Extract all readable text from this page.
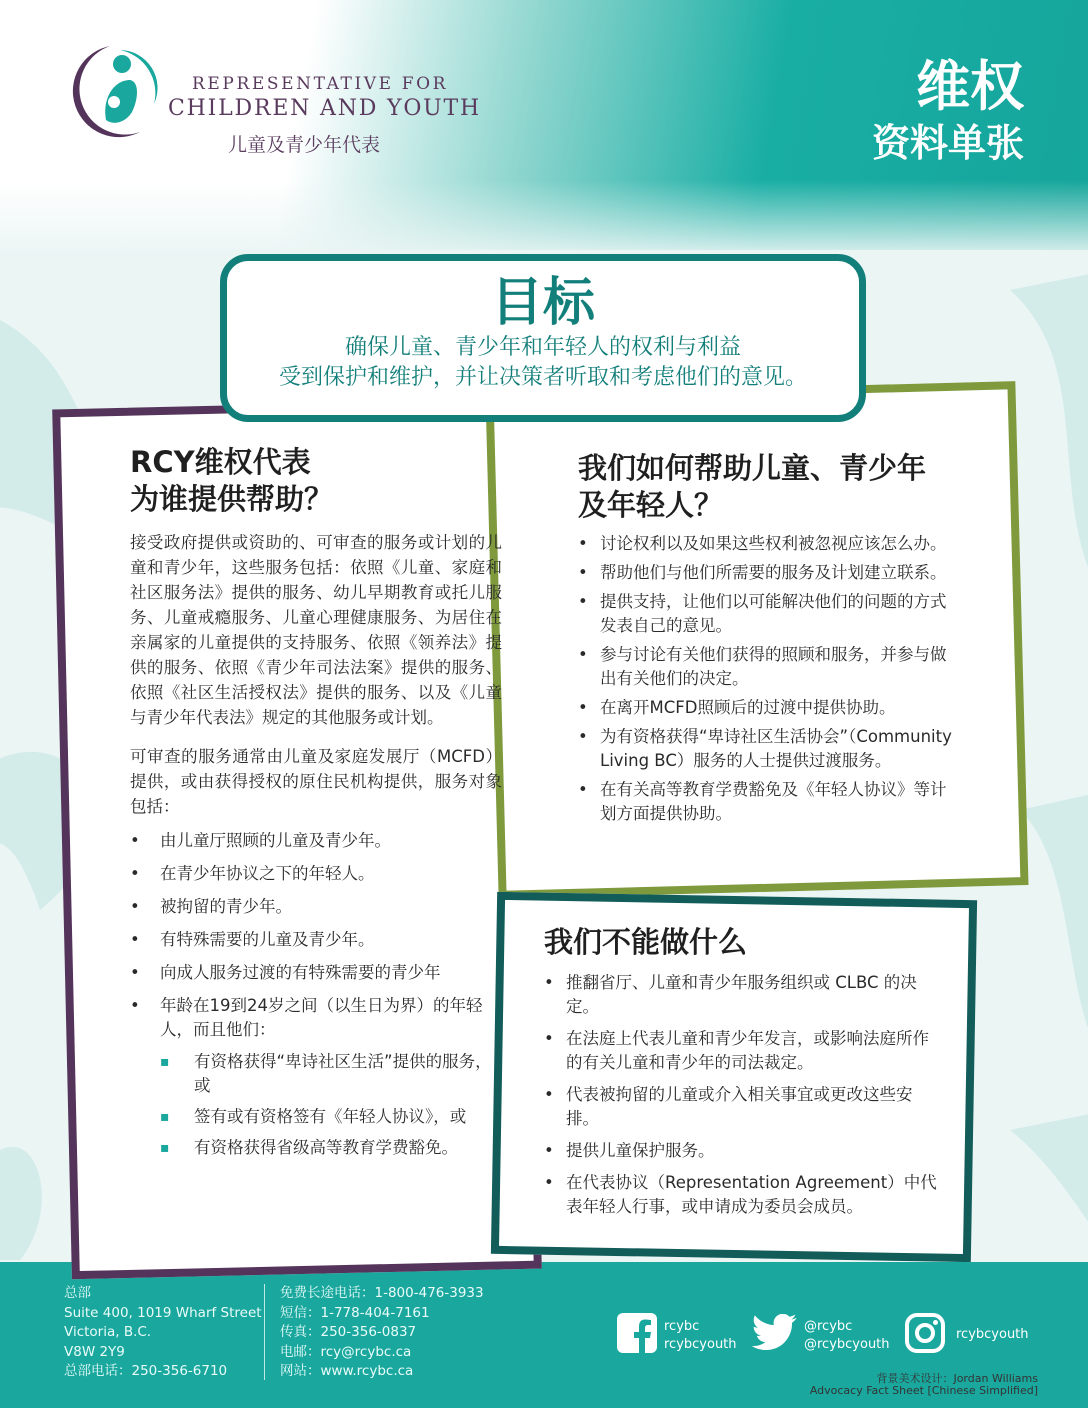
REPRESENTATIVE FOR
CHILDREN AND YOUTH
儿童及青少年代表
维权
资料单张
目标
确保儿童、青少年和年轻人的权利与利益
受到保护和维护，并让决策者听取和考虑他们的意见。
RCY维权代表
为谁提供帮助？

接受政府提供或资助的、可审查的服务或计划的儿童和青少年，这些服务包括：依照《儿童、家庭和社区服务法》提供的服务、幼儿早期教育或托儿服务、儿童戒瘾服务、儿童心理健康服务、为居住在亲属家的儿童提供的支持服务、依照《领养法》提供的服务、依照《青少年司法法案》提供的服务、依照《社区生活授权法》提供的服务、以及《儿童与青少年代表法》规定的其他服务或计划。

可审查的服务通常由儿童及家庭发展厅（MCFD）提供，或由获得授权的原住民机构提供，服务对象包括：

• 由儿童厅照顾的儿童及青少年。
• 在青少年协议之下的年轻人。
• 被拘留的青少年。
• 有特殊需要的儿童及青少年。
• 向成人服务过渡的有特殊需要的青少年
• 年龄在19到24岁之间（以生日为界）的年轻人，而且他们：
▪ 有资格获得“卑诗社区生活”提供的服务，或
▪ 签有或有资格签有《年轻人协议》，或
▪ 有资格获得省级高等教育学费豁免。
我们如何帮助儿童、青少年
及年轻人？
• 讨论权利以及如果这些权利被忽视应该怎么办。
• 帮助他们与他们所需要的服务及计划建立联系。
• 提供支持，让他们以可能解决他们的问题的方式发表自己的意见。
• 参与讨论有关他们获得的照顾和服务，并参与做出有关他们的决定。
• 在离开MCFD照顾后的过渡中提供协助。
• 为有资格获得“卑诗社区生活协会”（Community Living BC）服务的人士提供过渡服务。
• 在有关高等教育学费豁免及《年轻人协议》等计划方面提供协助。
我们不能做什么
• 推翻省厅、儿童和青少年服务组织或 CLBC 的决定。
• 在法庭上代表儿童和青少年发言，或影响法庭所作的有关儿童和青少年的司法裁定。
• 代表被拘留的儿童或介入相关事宜或更改这些安排。
• 提供儿童保护服务。
• 在代表协议（Representation Agreement）中代表年轻人行事，或申请成为委员会成员。
总部
Suite 400, 1019 Wharf Street
Victoria, B.C.
V8W 2Y9
总部电话：250-356-6710
免费长途电话：1-800-476-3933
短信：1-778-404-7161
传真：250-356-0837
电邮：rcy@rcybc.ca
网站：www.rcybc.ca
rcybc
rcybcyouth
@rcybc
@rcybcyouth
rcybcyouth
背景美术设计：Jordan Williams
Advocacy Fact Sheet [Chinese Simplified]
